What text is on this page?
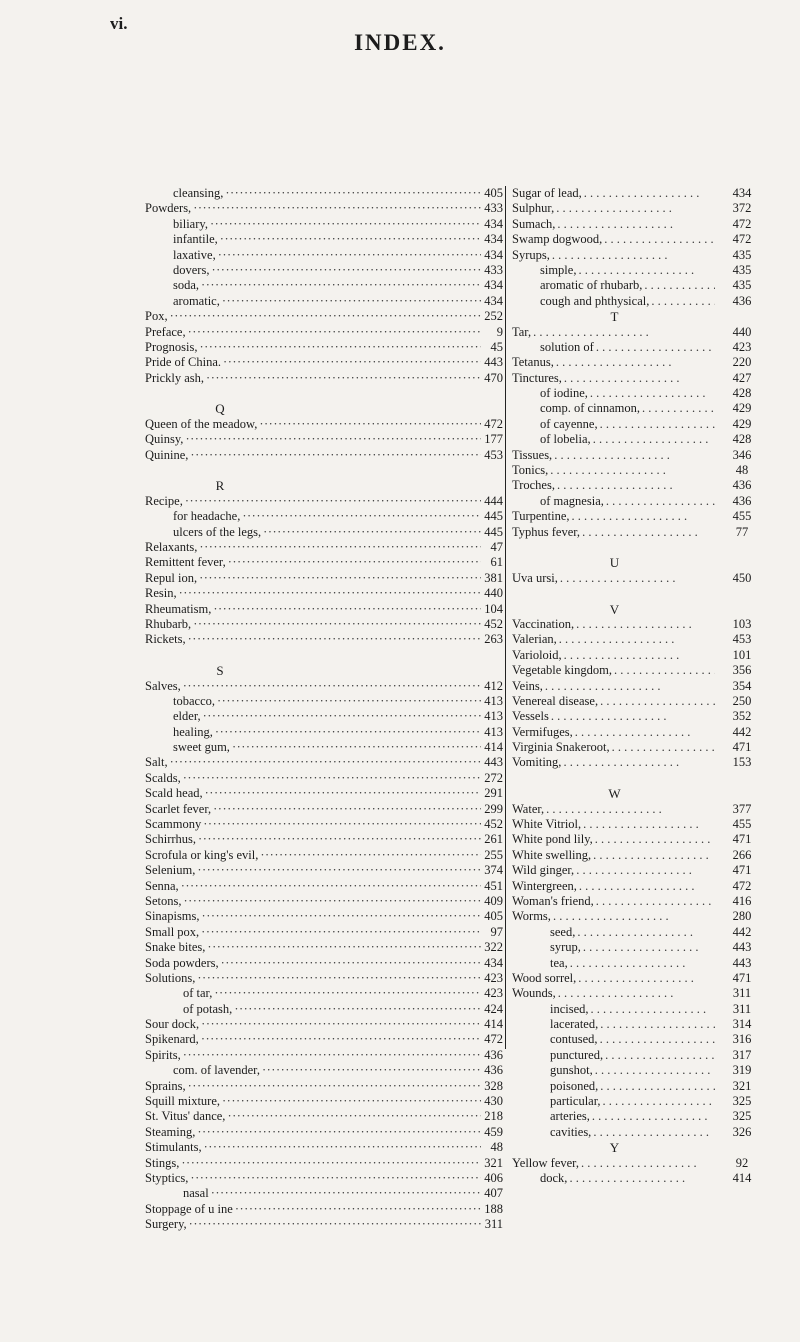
vi.
INDEX.
cleansing, ·····	405
Powders, ·····	433
biliary, ·····	434
infantile, ·····	434
laxative, ·····	434
dovers, ·····	433
soda, ·····	434
aromatic, ·····	434
Pox, ·····	252
Preface, ·····	9
Prognosis, ·····	45
Pride of China. ·····	443
Prickly ash, ·····	470
Q
Queen of the meadow, ·····	472
Quinsy, ·····	177
Quinine, ·····	453
R
Recipe, ·····	444
for headache, ·····	445
ulcers of the legs, ·····	445
Relaxants, ·····	47
Remittent fever, ·····	61
Repul ion, ·····	381
Resin, ·····	440
Rheumatism, ·····	104
Rhubarb, ·····	452
Rickets, ·····	263
S
Salves, ·····	412
tobacco, ·····	413
elder, ·····	413
healing, ·····	413
sweet gum, ·····	414
Salt, ·····	443
Scalds, ·····	272
Scald head, ·····	291
Scarlet fever, ·····	299
Scammony ·····	452
Schirrhus, ·····	261
Scrofula or king's evil, ·····	255
Selenium, ·····	374
Senna, ·····	451
Setons, ·····	409
Sinapisms, ·····	405
Small pox, ·····	97
Snake bites, ·····	322
Soda powders, ·····	434
Solutions, ·····	423
of tar, ·····	423
of potash, ·····	424
Sour dock, ·····	414
Spikenard, ·····	472
Spirits, ·····	436
com. of lavender, ·····	436
Sprains, ·····	328
Squill mixture, ·····	430
St. Vitus' dance, ·····	218
Steaming, ·····	459
Stimulants, ·····	48
Stings, ·····	321
Styptics, ·····	406
nasal ·····	407
Stoppage of u ine ·····	188
Surgery, ·····	311
Sugar of lead, . .	434
Sulphur, . .	372
Sumach, . .	472
Swamp dogwood, . .	472
Syrups, . .	435
simple, . .	435
aromatic of rhubarb, . .	435
cough and phthysical, . .	436
T
Tar, . .	440
solution of . .	423
Tetanus, . .	220
Tinctures, . .	427
of iodine, . .	428
comp. of cinnamon, . .	429
of cayenne, . .	429
of lobelia, . .	428
Tissues, . .	346
Tonics, . .	48
Troches, . .	436
of magnesia, . .	436
Turpentine, . .	455
Typhus fever, . .	77
U
Uva ursi, . .	450
V
Vaccination, . .	103
Valerian, . .	453
Varioloid, . .	101
Vegetable kingdom, . .	356
Veins, . .	354
Venereal disease, . .	250
Vessels . .	352
Vermifuges, . .	442
Virginia Snakeroot, . .	471
Vomiting, . .	153
W
Water, . .	377
White Vitriol, . .	455
White pond lily, . .	471
White swelling, . .	266
Wild ginger, . .	471
Wintergreen, . .	472
Woman's friend, . .	416
Worms, . .	280
seed, . .	442
syrup, . .	443
tea, . .	443
Wood sorrel, . .	471
Wounds, . .	311
incised, . .	311
lacerated, . .	314
contused, . .	316
punctured, . .	317
gunshot, . .	319
poisoned, . .	321
particular, . .	325
arteries, . .	325
cavities, . .	326
Y
Yellow fever, . .	92
dock, . .	414
